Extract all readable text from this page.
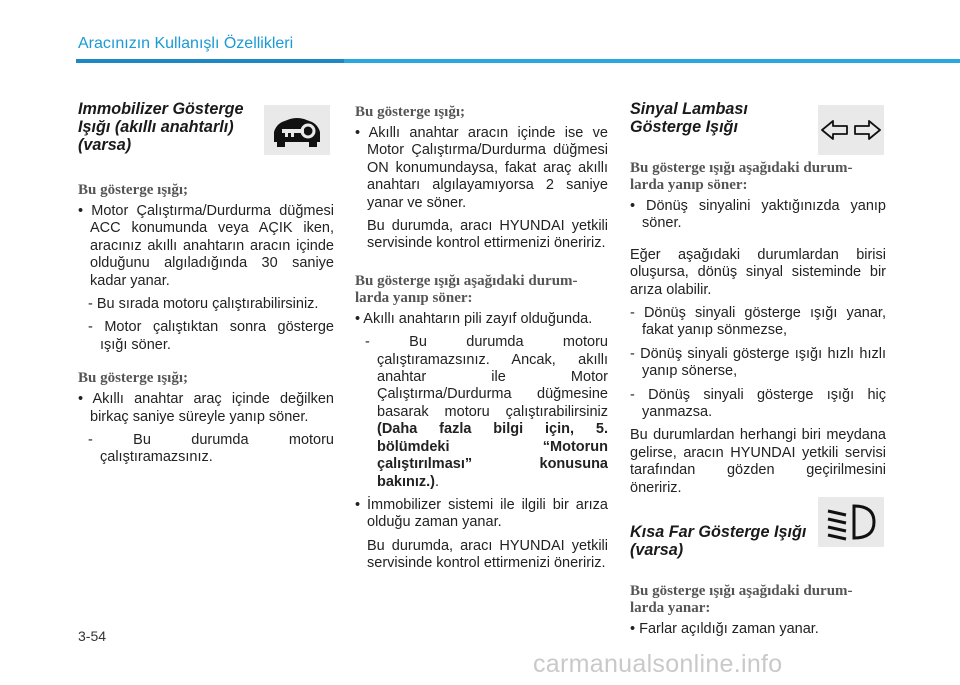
Aracınızın Kullanışlı Özellikleri
Immobilizer Gösterge
Işığı (akıllı anahtarlı)
(varsa)
Bu gösterge ışığı;

• Motor Çalıştırma/Durdurma düğmesi ACC konumunda veya AÇIK iken, aracınız akıllı anahtarın aracın içinde olduğunu algıladığında 30 saniye kadar yanar.

- Bu sırada motoru çalıştırabilirsiniz.

- Motor çalıştıktan sonra gösterge ışığı söner.

Bu gösterge ışığı;

• Akıllı anahtar araç içinde değilken birkaç saniye süreyle yanıp söner.

- Bu durumda motoru çalıştıramazsınız.

Bu gösterge ışığı;

• Akıllı anahtar aracın içinde ise ve Motor Çalıştırma/Durdurma düğmesi ON konumundaysa, fakat araç akıllı anahtarı algılayamıyorsa 2 saniye yanar ve söner.

Bu durumda, aracı HYUNDAI yetkili servisinde kontrol ettirmenizi öneririz.

Bu gösterge ışığı aşağıdaki durum-
larda yanıp söner:

• Akıllı anahtarın pili zayıf olduğunda.

- Bu durumda motoru çalıştıramazsınız. Ancak, akıllı anahtar ile Motor Çalıştırma/Durdurma düğmesine basarak motoru çalıştırabilirsiniz (Daha fazla bilgi için, 5. bölümdeki “Motorun çalıştırılması” konusuna bakınız.).

• İmmobilizer sistemi ile ilgili bir arıza olduğu zaman yanar.

Bu durumda, aracı HYUNDAI yetkili servisinde kontrol ettirmenizi öneririz.

Sinyal Lambası
Gösterge Işığı
Bu gösterge ışığı aşağıdaki durum-
larda yanıp söner:

• Dönüş sinyalini yaktığınızda yanıp söner.

Eğer aşağıdaki durumlardan birisi oluşursa, dönüş sinyal sisteminde bir arıza olabilir.

- Dönüş sinyali gösterge ışığı yanar, fakat yanıp sönmezse,

- Dönüş sinyali gösterge ışığı hızlı hızlı yanıp sönerse,

- Dönüş sinyali gösterge ışığı hiç yanmazsa.

Bu durumlardan herhangi biri meydana gelirse, aracın HYUNDAI yetkili servisi tarafından gözden geçirilmesini öneririz.

Kısa Far Gösterge Işığı
(varsa)
Bu gösterge ışığı aşağıdaki durum-
larda yanar:

• Farlar açıldığı zaman yanar.

3-54
carmanualsonline.info
